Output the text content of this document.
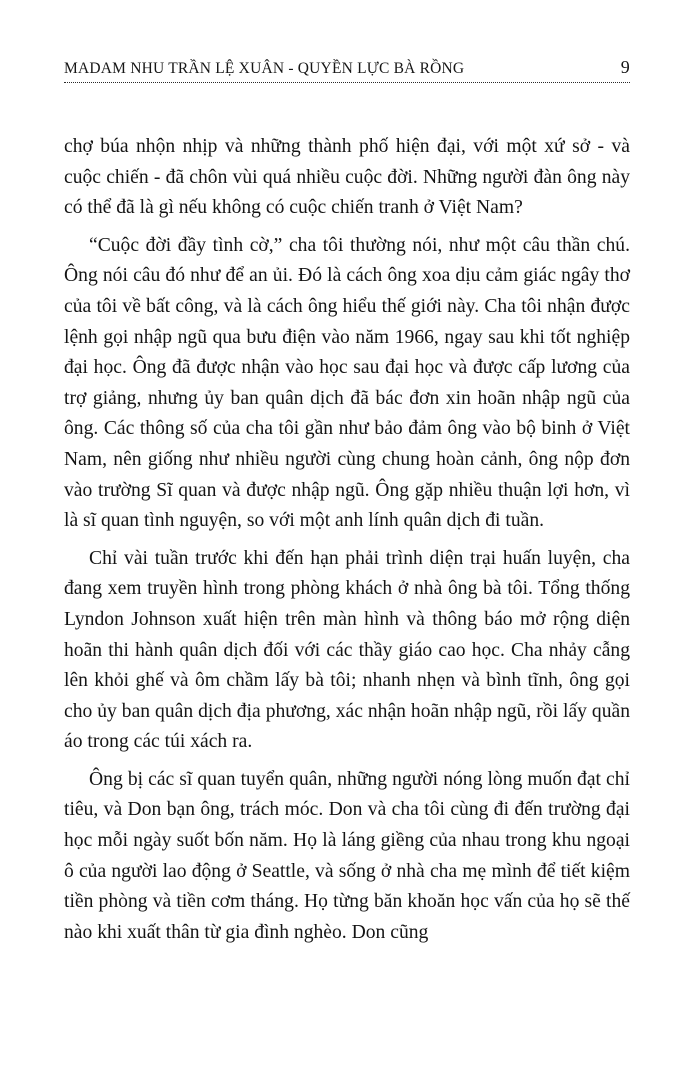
MADAM NHU TRẦN LỆ XUÂN - QUYỀN LỰC BÀ RỒNG	9

chợ búa nhộn nhịp và những thành phố hiện đại, với một xứ sở - và cuộc chiến - đã chôn vùi quá nhiều cuộc đời. Những người đàn ông này có thể đã là gì nếu không có cuộc chiến tranh ở Việt Nam?

“Cuộc đời đầy tình cờ,” cha tôi thường nói, như một câu thần chú. Ông nói câu đó như để an ủi. Đó là cách ông xoa dịu cảm giác ngây thơ của tôi về bất công, và là cách ông hiểu thế giới này. Cha tôi nhận được lệnh gọi nhập ngũ qua bưu điện vào năm 1966, ngay sau khi tốt nghiệp đại học. Ông đã được nhận vào học sau đại học và được cấp lương của trợ giảng, nhưng ủy ban quân dịch đã bác đơn xin hoãn nhập ngũ của ông. Các thông số của cha tôi gần như bảo đảm ông vào bộ binh ở Việt Nam, nên giống như nhiều người cùng chung hoàn cảnh, ông nộp đơn vào trường Sĩ quan và được nhập ngũ. Ông gặp nhiều thuận lợi hơn, vì là sĩ quan tình nguyện, so với một anh lính quân dịch đi tuần.

Chỉ vài tuần trước khi đến hạn phải trình diện trại huấn luyện, cha đang xem truyền hình trong phòng khách ở nhà ông bà tôi. Tổng thống Lyndon Johnson xuất hiện trên màn hình và thông báo mở rộng diện hoãn thi hành quân dịch đối với các thầy giáo cao học. Cha nhảy cẫng lên khỏi ghế và ôm chầm lấy bà tôi; nhanh nhẹn và bình tĩnh, ông gọi cho ủy ban quân dịch địa phương, xác nhận hoãn nhập ngũ, rồi lấy quần áo trong các túi xách ra.

Ông bị các sĩ quan tuyển quân, những người nóng lòng muốn đạt chỉ tiêu, và Don bạn ông, trách móc. Don và cha tôi cùng đi đến trường đại học mỗi ngày suốt bốn năm. Họ là láng giềng của nhau trong khu ngoại ô của người lao động ở Seattle, và sống ở nhà cha mẹ mình để tiết kiệm tiền phòng và tiền cơm tháng. Họ từng băn khoăn học vấn của họ sẽ thế nào khi xuất thân từ gia đình nghèo. Don cũng
